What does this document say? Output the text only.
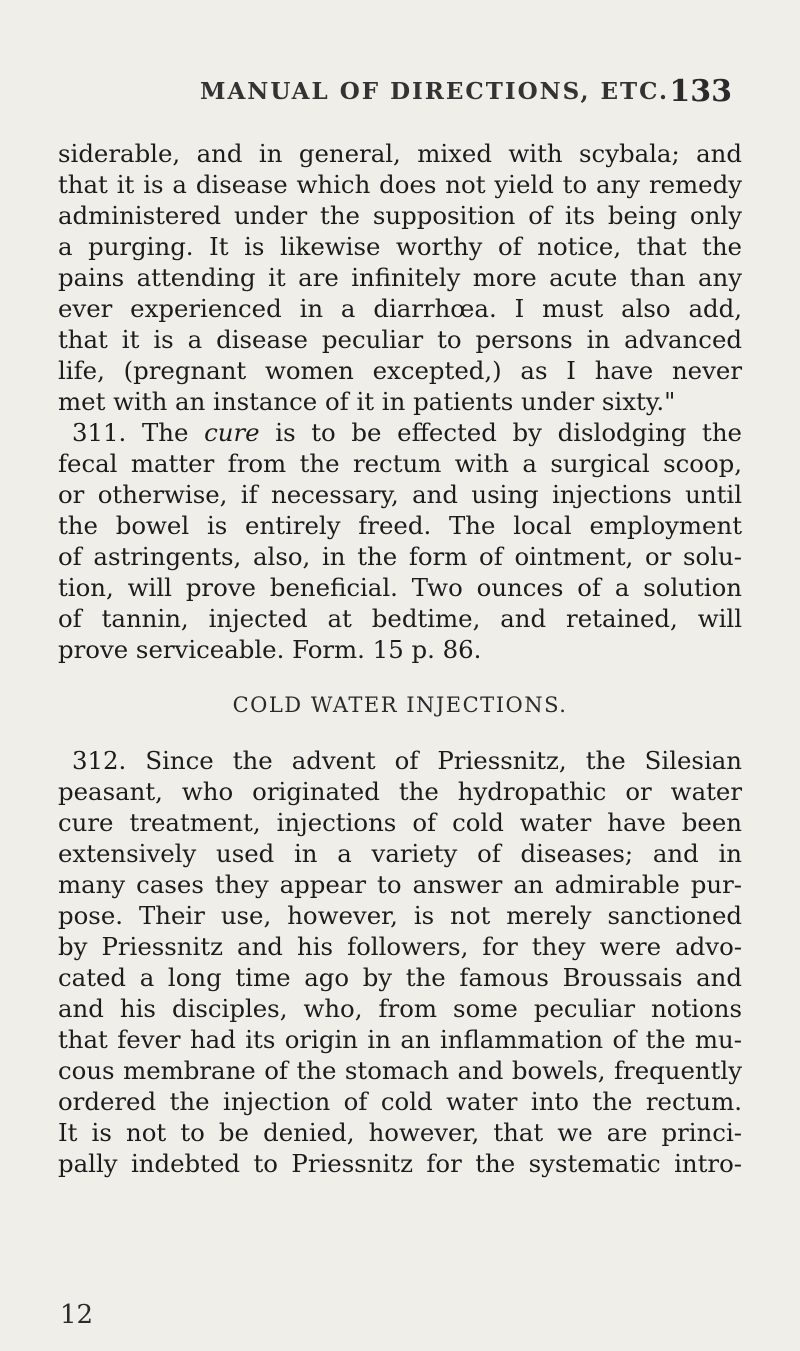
MANUAL OF DIRECTIONS, ETC. 133

siderable, and in general, mixed with scybala; and
that it is a disease which does not yield to any remedy
administered under the supposition of its being only
a purging. It is likewise worthy of notice, that the
pains attending it are infinitely more acute than any
ever experienced in a diarrhœa. I must also add,
that it is a disease peculiar to persons in advanced
life, (pregnant women excepted,) as I have never
met with an instance of it in patients under sixty."

311. The cure is to be effected by dislodging the
fecal matter from the rectum with a surgical scoop,
or otherwise, if necessary, and using injections until
the bowel is entirely freed. The local employment
of astringents, also, in the form of ointment, or solu-
tion, will prove beneficial. Two ounces of a solution
of tannin, injected at bedtime, and retained, will
prove serviceable. Form. 15 p. 86.

COLD WATER INJECTIONS.

312. Since the advent of Priessnitz, the Silesian
peasant, who originated the hydropathic or water
cure treatment, injections of cold water have been
extensively used in a variety of diseases; and in
many cases they appear to answer an admirable pur-
pose. Their use, however, is not merely sanctioned
by Priessnitz and his followers, for they were advo-
cated a long time ago by the famous Broussais and
and his disciples, who, from some peculiar notions
that fever had its origin in an inflammation of the mu-
cous membrane of the stomach and bowels, frequently
ordered the injection of cold water into the rectum.
It is not to be denied, however, that we are princi-
pally indebted to Priessnitz for the systematic intro-

12
